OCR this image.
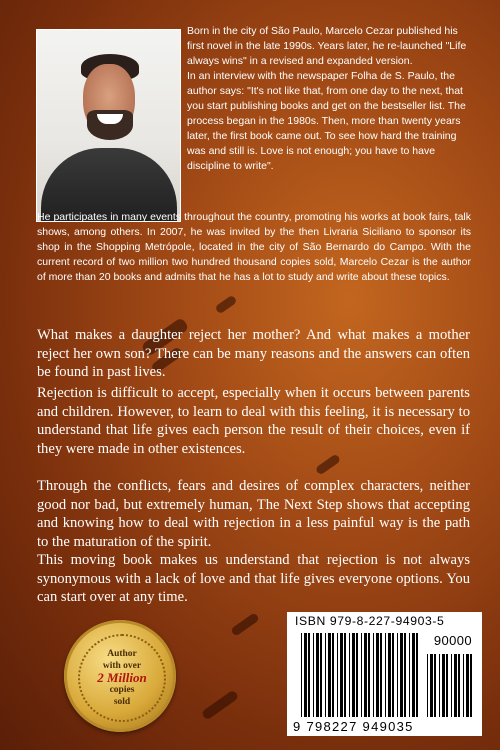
Born in the city of São Paulo, Marcelo Cezar published his first novel in the late 1990s. Years later, he re-launched "Life always wins" in a revised and expanded version.

In an interview with the newspaper Folha de S. Paulo, the author says: "It's not like that, from one day to the next, that you start publishing books and get on the bestseller list. The process began in the 1980s. Then, more than twenty years later, the first book came out. To see how hard the training was and still is. Love is not enough; you have to have discipline to write".

He participates in many events throughout the country, promoting his works at book fairs, talk shows, among others. In 2007, he was invited by the then Livraria Siciliano to sponsor its shop in the Shopping Metrópole, located in the city of São Bernardo do Campo. With the current record of two million two hundred thousand copies sold, Marcelo Cezar is the author of more than 20 books and admits that he has a lot to study and write about these topics.

What makes a daughter reject her mother? And what makes a mother reject her own son? There can be many reasons and the answers can often be found in past lives.

Rejection is difficult to accept, especially when it occurs between parents and children. However, to learn to deal with this feeling, it is necessary to understand that life gives each person the result of their choices, even if they were made in other existences.

Through the conflicts, fears and desires of complex characters, neither good nor bad, but extremely human, The Next Step shows that accepting and knowing how to deal with rejection in a less painful way is the path to the maturation of the spirit.

This moving book makes us understand that rejection is not always synonymous with a lack of love and that life gives everyone options. You can start over at any time.

Author
with over
2 Million
copies
sold
ISBN 979-8-227-94903-5
90000
9 798227 949035
